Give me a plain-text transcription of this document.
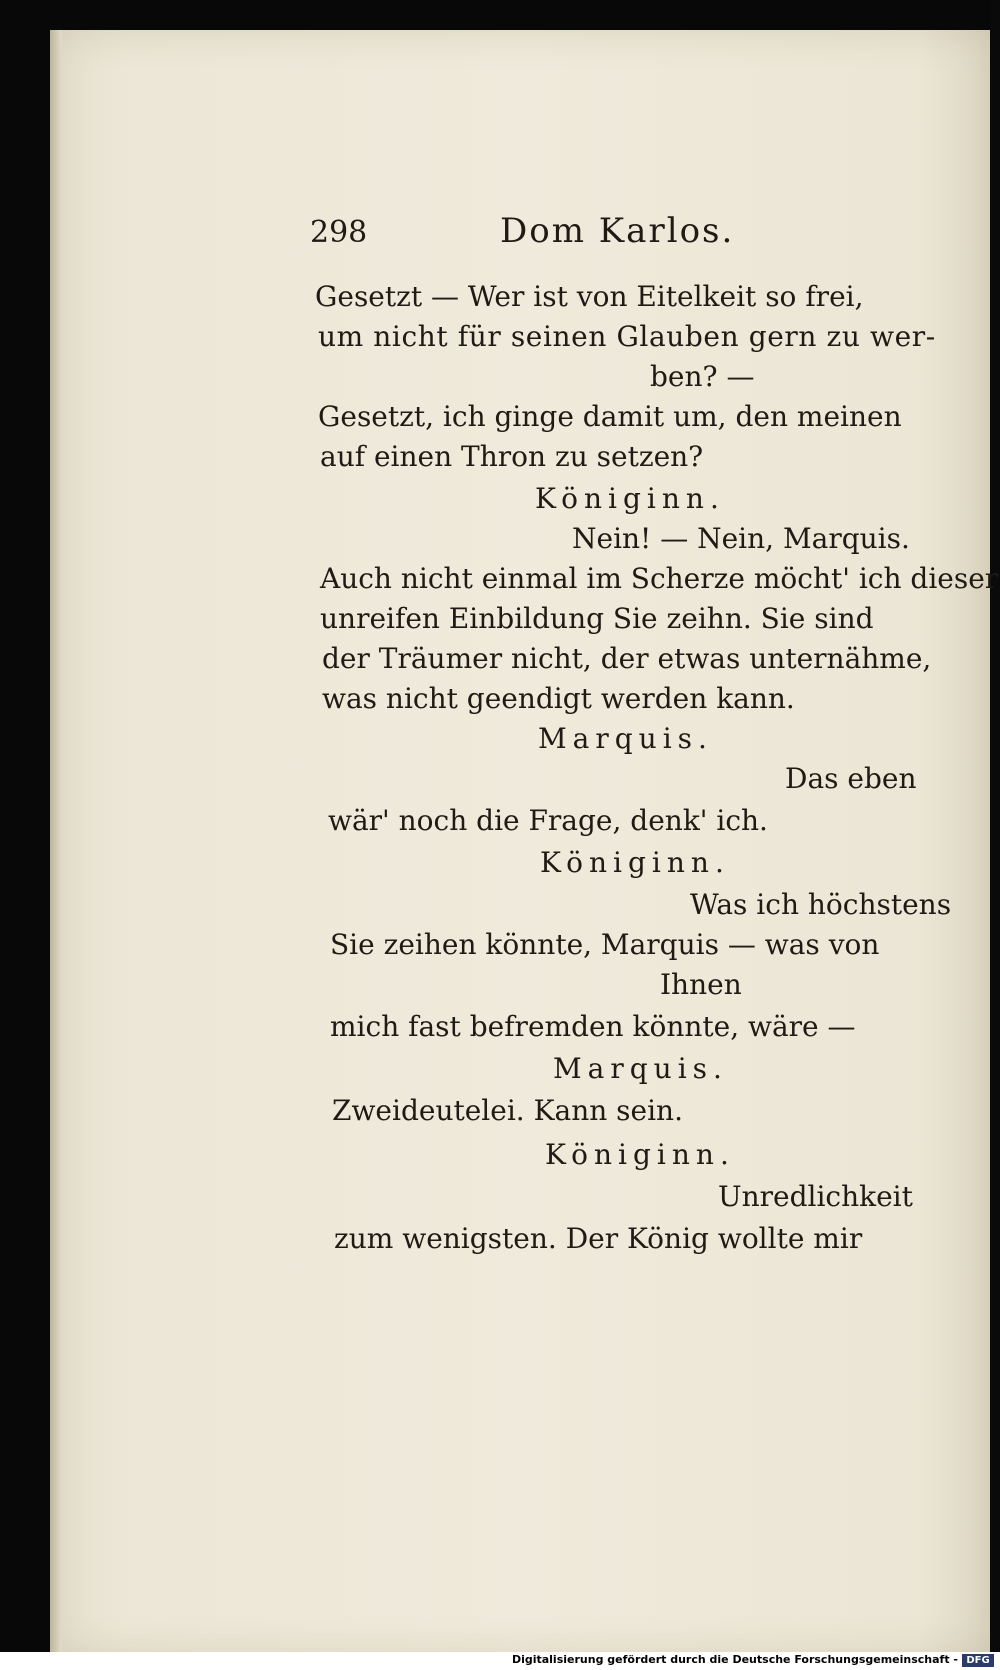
298	Dom Karlos.
Gesetzt — Wer ist von Eitelkeit so frei,
um nicht für seinen Glauben gern zu wer-
ben? —
Gesetzt, ich ginge damit um, den meinen
auf einen Thron zu setzen?
Königinn.
Nein! — Nein, Marquis.
Auch nicht einmal im Scherze möcht' ich dieser
unreifen Einbildung Sie zeihn. Sie sind
der Träumer nicht, der etwas unternähme,
was nicht geendigt werden kann.
Marquis.
Das eben
wär' noch die Frage, denk' ich.
Königinn.
Was ich höchstens
Sie zeihen könnte, Marquis — was von
Ihnen
mich fast befremden könnte, wäre —
Marquis.
Zweideutelei. Kann sein.
Königinn.
Unredlichkeit
zum wenigsten. Der König wollte mir
Digitalisierung gefördert durch die Deutsche Forschungsgemeinschaft - DFG
